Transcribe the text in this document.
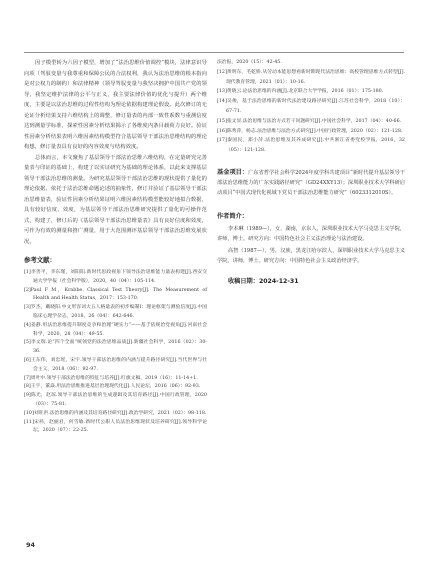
因子模型转为六因子模型，增加了“法治思维价值调控”模块，法律意识导向项（驾驭变量与我尊重和保障公民的合法权利，我认为法治思维的根本指向是对公权力的制约）和法律精神（领导驾驭变量与我坚决拥护中国共产党的领导，我坚定维护法律的公平与正义，我主要法律价值的优化与提升）两个维度，主要是以法治思维的过程性结构为理论依据构建理论假设。此次修订的无论证分析结果支持六维结构上的调整，修订量表的内部一致性系数与重测信度达到测量学标准，探索性因素分析结果揭示了各维度内条目载荷力良好。验证性因素分析结果表明六维因素结构模型符合基层领导干部法治思维结构的理论构想，修订量表具有良好的内容效度与结构效度。

总体而言，本文聚焦了基层领导干部法治思维六维结构，在定量研究完善量表与印证的基础上，构建了以实证研究为基础的理论体系，以此来支撑基层领导干部法治思维的测量。为研究基层领导干部法治思维的现状提供了量化的理论依据。依托于法治思维命题论述的抽象性，修订并验证了基层领导干部法治思维量表，验证性因素分析结果证明六维因素结构模型能较好地拟合数据，具有较好信度、效度，为基层领导干部法治思维研究提供了量化的可操作范式，构建了，修订后的《基层领导干部法治思维量表》具有良好信度和效度，可作为有效的测量和推广测量，用于大范围测评基层领导干部法治思维发展状况。

参考文献：

[1]李善平，李东瑾，刘阳阳.新时代思政视角下领导法治思维能力量表构建[J].西安交通大学学报（社会科学版），2020，40（04）：105-114.

[2]Paul F M，Krabbe. Classical Test Theory[J]. The Measurement of Health and Health Status，2017：153-170.

[3]罗杰，戴晓阳.中文形容词大五人格量表的初步编制Ⅰ：理论框架与测验信度[J].中国临床心理学杂志，2018，26（04）：642-646.

[4]姜静.用法治思维提升制度竞争和治理“硬实力”——基于依规治党视角[J].河南社会科学，2020，28（04）：49-55.

[5]李文瑞.论“四个全面”统领党的法治思维品质[J].新疆社会科学，2016（02）：30-36.

[6]王东伟，刘忠瑶，宋宇.领导干部法治思维的内涵与提升路径研究[J].当代世界与社会主义，2018（06）：92-97.

[7]周叶中.领导干部法治思维的特征与培养[J].红旗文稿，2019（16）：11-14+1.

[8]王宇，董焱.用法治思维推进基层治理现代化[J].人民论坛，2016（06）：92-93.

[9]陈光，赵琼.领导干部法治思维的生成逻辑及其培育路径[J].中国行政管理，2020（03）：75-81.

[10]刘旺洪.法治思维的内涵及其培育路径研究[J].政治学研究，2021（02）：98-118.

[11]宋祎，赵丽君，何雪敏.新时代公职人员法治思维现状及培养研究[J].领导科学论坛，2020（07）：22-25.

法治报，2020（15）：42-45.

[12]黄明东，毛乾娇.从劳动本能思想看新时期现代法治思维：高校管理思维方式转型[J].现代教育管理，2021（01）：10-16.

[13]黄晓云.论法治思维的内涵[J].北京联合大学学报，2016（01）：175-180.

[14]吴俊，基于法治思维的新时代法治建设路径研究[J].江苏社会科学，2018（10）：67-71.

[15]张文显.法治思维与法治方式若干问题研究[J].中国社会科学，2017（04）：40-66.

[16]陈秀萍，杨志.法治思维与法治方式研究[J].中国行政管理，2020（02）：121-128.

[17]秦国民，郑小萍.法治思维及其养成研究[J].中共浙江省委党校学报，2016，32（05）：121-128.

基金项目：广东省哲学社会科学2024年度学科共建项目“新时代提升基层领导干部法治思维能力的广东实践路径研究”（GD24XXY13）；深圳职业技术大学科研启动项目“中国式现代化视域下党员干部法治思维能力研究”（6023312010S）。

作者简介：

李本琳（1989—），女，湖南，京东人，深圳职业技术大学马克思主义学院，讲师，博士。研究方向：中国特色社会主义法治理论与法治建设。

高智（1987—），男，汉族，黑龙江哈尔滨人，深圳职业技术大学马克思主义学院，讲师，博士。研究方向：中国特色社会主义政治经济学。

收稿日期：2024-12-31
94
